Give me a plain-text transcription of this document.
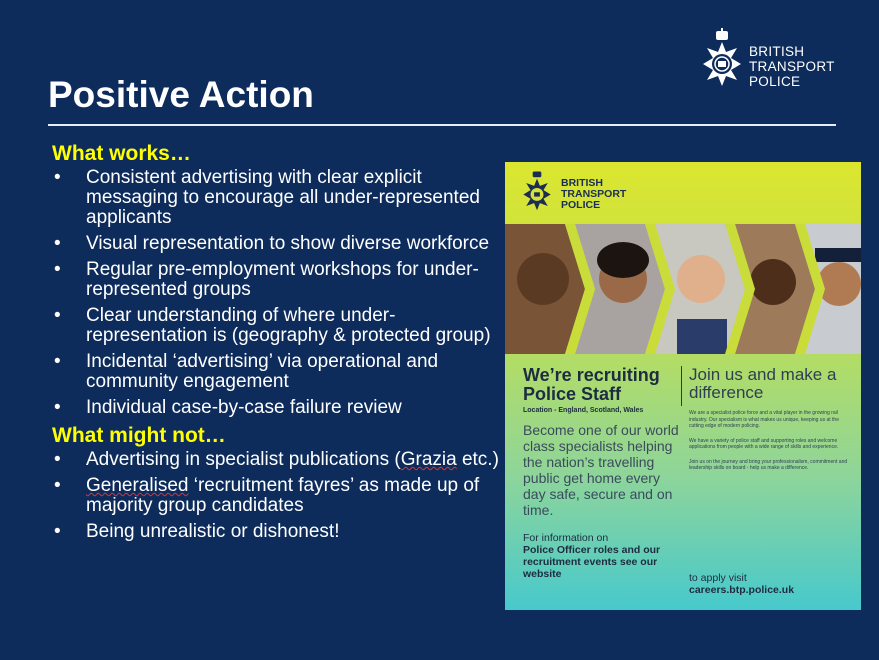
BRITISH
TRANSPORT
POLICE
Positive Action
What works…
• Consistent advertising with clear explicit messaging to encourage all under-represented applicants
• Visual representation to show diverse workforce
• Regular pre-employment workshops for under-represented groups
• Clear understanding of where under-representation is (geography & protected group)
• Incidental ‘advertising’ via operational and community engagement
• Individual case-by-case failure review
What might not…
• Advertising in specialist publications (Grazia etc.)
• Generalised ‘recruitment fayres’ as made up of majority group candidates
• Being unrealistic or dishonest!
BRITISH
TRANSPORT
POLICE
We’re recruiting Police Staff
Location - England, Scotland, Wales
Become one of our world class specialists helping the nation’s travelling public get home every day safe, secure and on time.
For information on
Police Officer roles and our recruitment events see our website
Join us and make a difference
We are a specialist police force and a vital player in the growing rail industry. Our specialism is what makes us unique, keeping us at the cutting edge of modern policing.
We have a variety of police staff and supporting roles and welcome applications from people with a wide range of skills and experience.
Join us on the journey and bring your professionalism, commitment and leadership skills on board - help us make a difference.
to apply visit
careers.btp.police.uk
